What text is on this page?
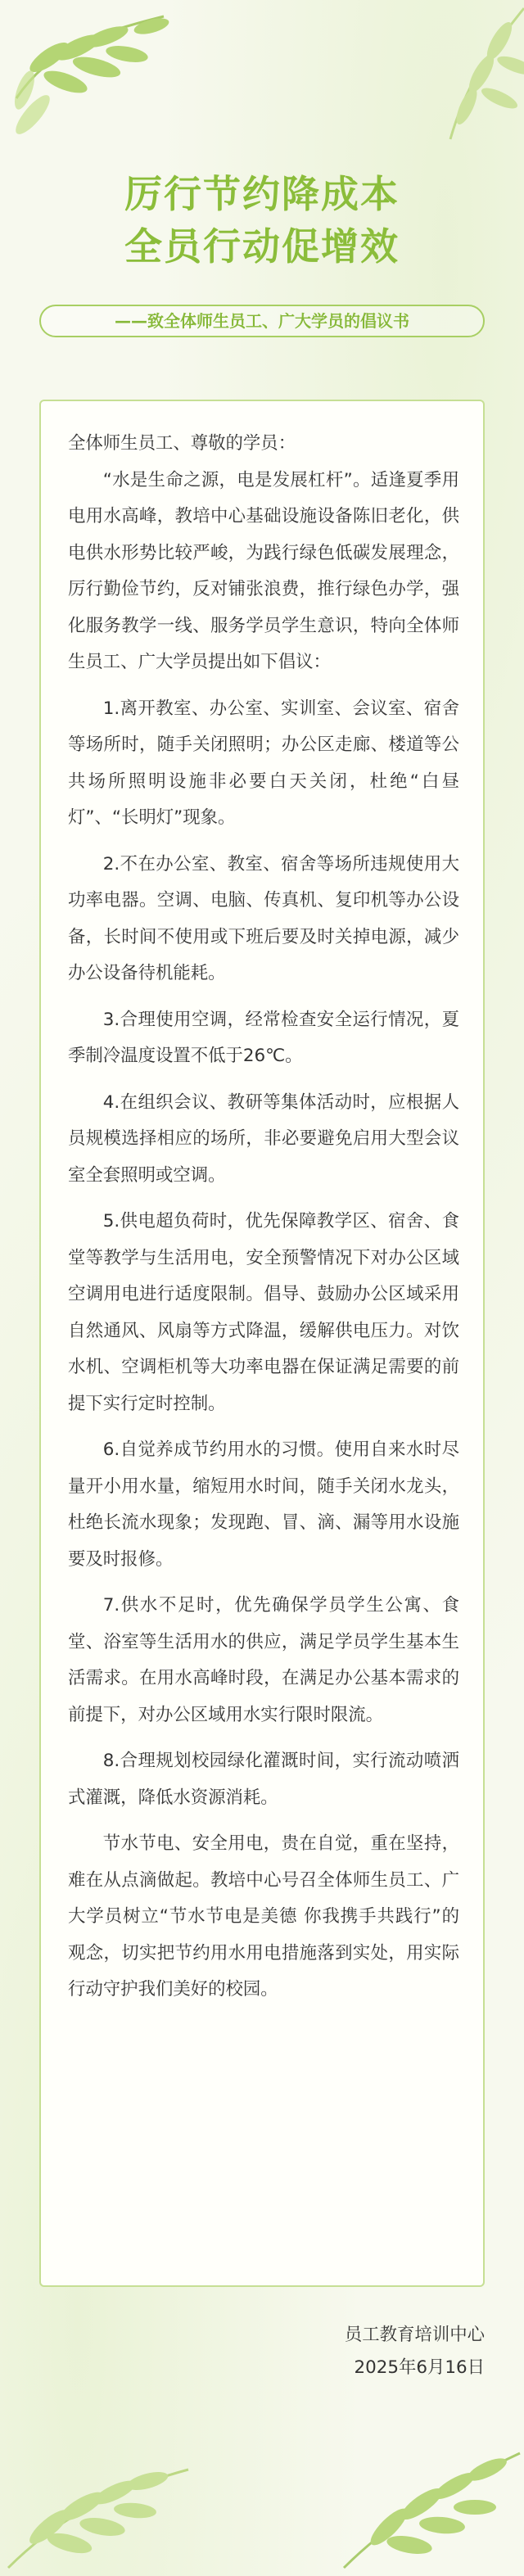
厉行节约降成本
全员行动促增效
——致全体师生员工、广大学员的倡议书

全体师生员工、尊敬的学员：

“水是生命之源，电是发展杠杆”。适逢夏季用电用水高峰，教培中心基础设施设备陈旧老化，供电供水形势比较严峻，为践行绿色低碳发展理念，厉行勤俭节约，反对铺张浪费，推行绿色办学，强化服务教学一线、服务学员学生意识，特向全体师生员工、广大学员提出如下倡议：

1.离开教室、办公室、实训室、会议室、宿舍等场所时，随手关闭照明；办公区走廊、楼道等公共场所照明设施非必要白天关闭，杜绝“白昼灯”、“长明灯”现象。

2.不在办公室、教室、宿舍等场所违规使用大功率电器。空调、电脑、传真机、复印机等办公设备，长时间不使用或下班后要及时关掉电源，减少办公设备待机能耗。

3.合理使用空调，经常检查安全运行情况，夏季制冷温度设置不低于26℃。

4.在组织会议、教研等集体活动时，应根据人员规模选择相应的场所，非必要避免启用大型会议室全套照明或空调。

5.供电超负荷时，优先保障教学区、宿舍、食堂等教学与生活用电，安全预警情况下对办公区域空调用电进行适度限制。倡导、鼓励办公区域采用自然通风、风扇等方式降温，缓解供电压力。对饮水机、空调柜机等大功率电器在保证满足需要的前提下实行定时控制。

6.自觉养成节约用水的习惯。使用自来水时尽量开小用水量，缩短用水时间，随手关闭水龙头，杜绝长流水现象；发现跑、冒、滴、漏等用水设施要及时报修。

7.供水不足时，优先确保学员学生公寓、食堂、浴室等生活用水的供应，满足学员学生基本生活需求。在用水高峰时段，在满足办公基本需求的前提下，对办公区域用水实行限时限流。

8.合理规划校园绿化灌溉时间，实行流动喷洒式灌溉，降低水资源消耗。

节水节电、安全用电，贵在自觉，重在坚持，难在从点滴做起。教培中心号召全体师生员工、广大学员树立“节水节电是美德 你我携手共践行”的观念，切实把节约用水用电措施落到实处，用实际行动守护我们美好的校园。

员工教育培训中心
2025年6月16日
